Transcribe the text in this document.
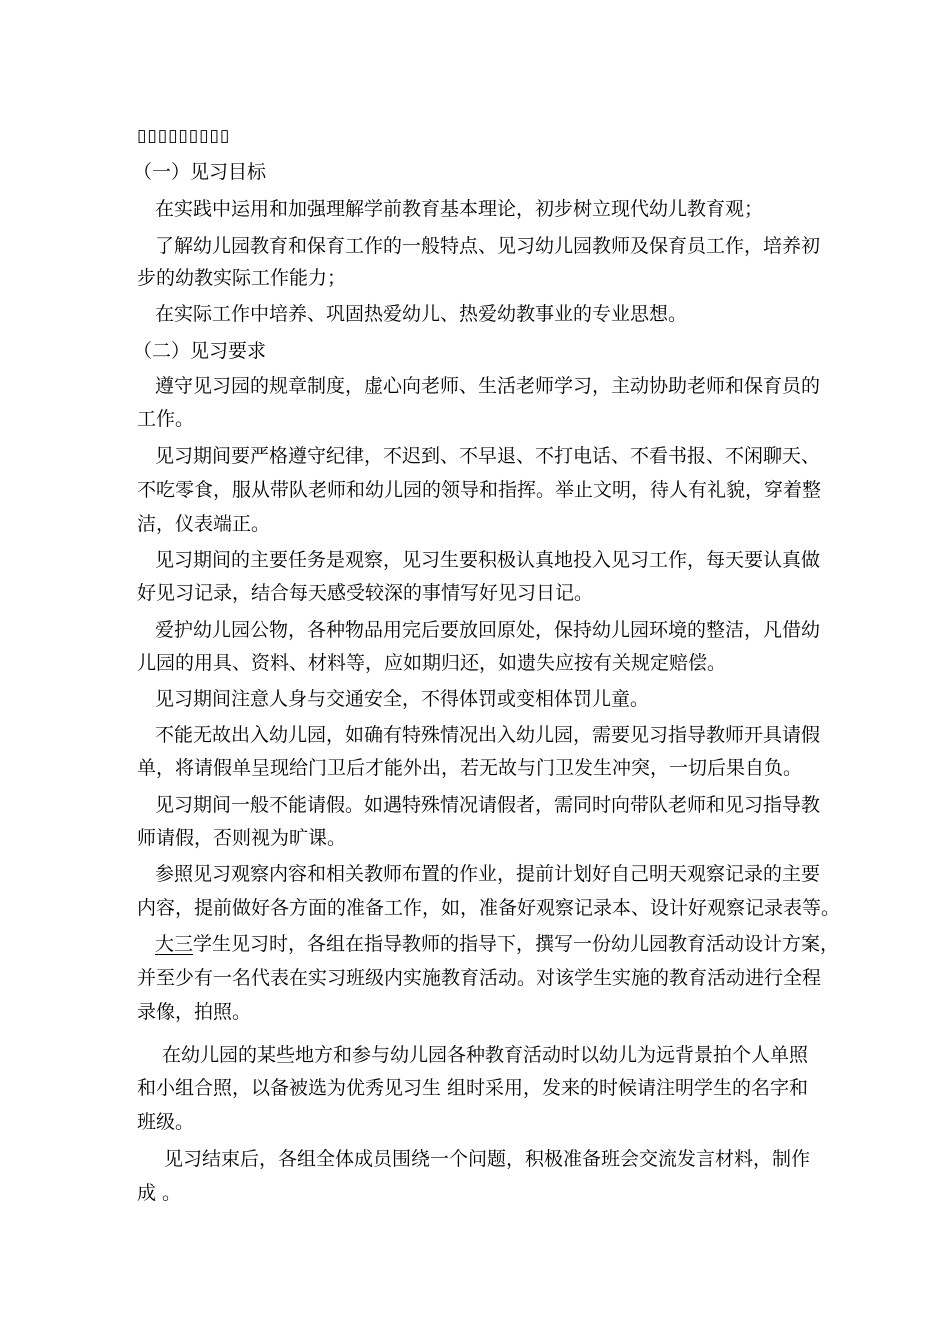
▯▯▯▯▯▯▯▯▯
（一）见习目标
在实践中运用和加强理解学前教育基本理论，初步树立现代幼儿教育观；
了解幼儿园教育和保育工作的一般特点、见习幼儿园教师及保育员工作，培养初
步的幼教实际工作能力；
在实际工作中培养、巩固热爱幼儿、热爱幼教事业的专业思想。
（二）见习要求
遵守见习园的规章制度，虚心向老师、生活老师学习，主动协助老师和保育员的
工作。
见习期间要严格遵守纪律，不迟到、不早退、不打电话、不看书报、不闲聊天、
不吃零食，服从带队老师和幼儿园的领导和指挥。举止文明，待人有礼貌，穿着整
洁，仪表端正。
见习期间的主要任务是观察，见习生要积极认真地投入见习工作，每天要认真做
好见习记录，结合每天感受较深的事情写好见习日记。
爱护幼儿园公物，各种物品用完后要放回原处，保持幼儿园环境的整洁，凡借幼
儿园的用具、资料、材料等，应如期归还，如遗失应按有关规定赔偿。
见习期间注意人身与交通安全，不得体罚或变相体罚儿童。
不能无故出入幼儿园，如确有特殊情况出入幼儿园，需要见习指导教师开具请假
单，将请假单呈现给门卫后才能外出，若无故与门卫发生冲突，一切后果自负。
见习期间一般不能请假。如遇特殊情况请假者，需同时向带队老师和见习指导教
师请假，否则视为旷课。
参照见习观察内容和相关教师布置的作业，提前计划好自己明天观察记录的主要
内容，提前做好各方面的准备工作，如，准备好观察记录本、设计好观察记录表等。
大三学生见习时，各组在指导教师的指导下，撰写一份幼儿园教育活动设计方案，
并至少有一名代表在实习班级内实施教育活动。对该学生实施的教育活动进行全程
录像，拍照。
在幼儿园的某些地方和参与幼儿园各种教育活动时以幼儿为远背景拍个人单照
和小组合照，以备被选为优秀见习生 组时采用，发来的时候请注明学生的名字和
班级。
见习结束后，各组全体成员围绕一个问题，积极准备班会交流发言材料，制作
成 。
